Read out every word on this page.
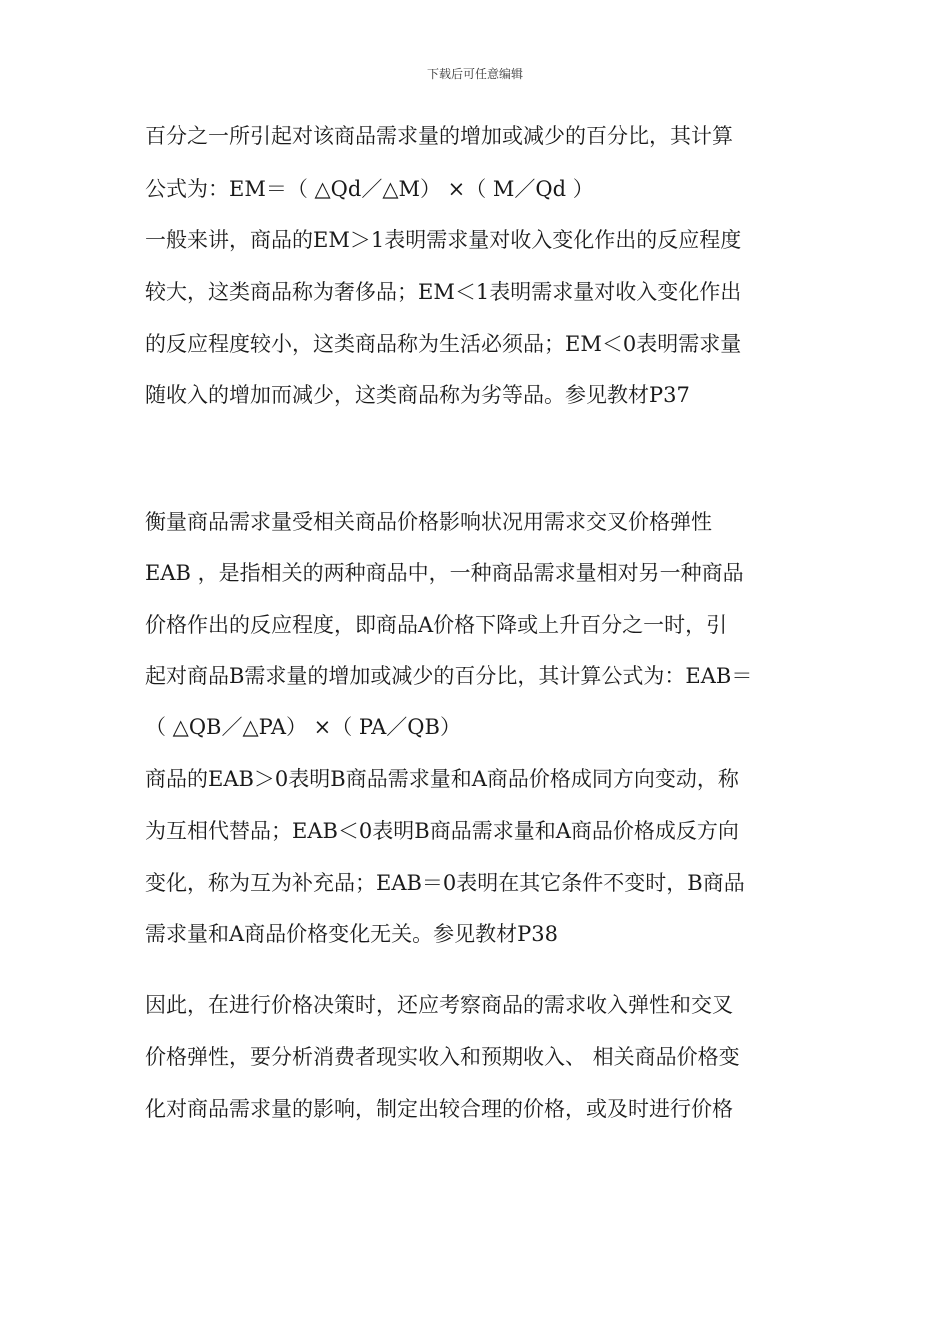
下载后可任意编辑
百分之一所引起对该商品需求量的增加或减少的百分比，其计算
公式为：EM＝（ △Qd／△M） ×（ M／Qd ）
一般来讲，商品的EM＞1表明需求量对收入变化作出的反应程度
较大，这类商品称为奢侈品；EM＜1表明需求量对收入变化作出
的反应程度较小，这类商品称为生活必须品；EM＜0表明需求量
随收入的增加而减少，这类商品称为劣等品。参见教材P37
衡量商品需求量受相关商品价格影响状况用需求交叉价格弹性
EAB ，是指相关的两种商品中，一种商品需求量相对另一种商品
价格作出的反应程度，即商品A价格下降或上升百分之一时，引
起对商品B需求量的增加或减少的百分比，其计算公式为：EAB＝
（ △QB／△PA） ×（ PA／QB）
商品的EAB＞0表明B商品需求量和A商品价格成同方向变动，称
为互相代替品；EAB＜0表明B商品需求量和A商品价格成反方向
变化，称为互为补充品；EAB＝0表明在其它条件不变时，B商品
需求量和A商品价格变化无关。参见教材P38
因此，在进行价格决策时，还应考察商品的需求收入弹性和交叉
价格弹性，要分析消费者现实收入和预期收入、 相关商品价格变
化对商品需求量的影响，制定出较合理的价格，或及时进行价格
